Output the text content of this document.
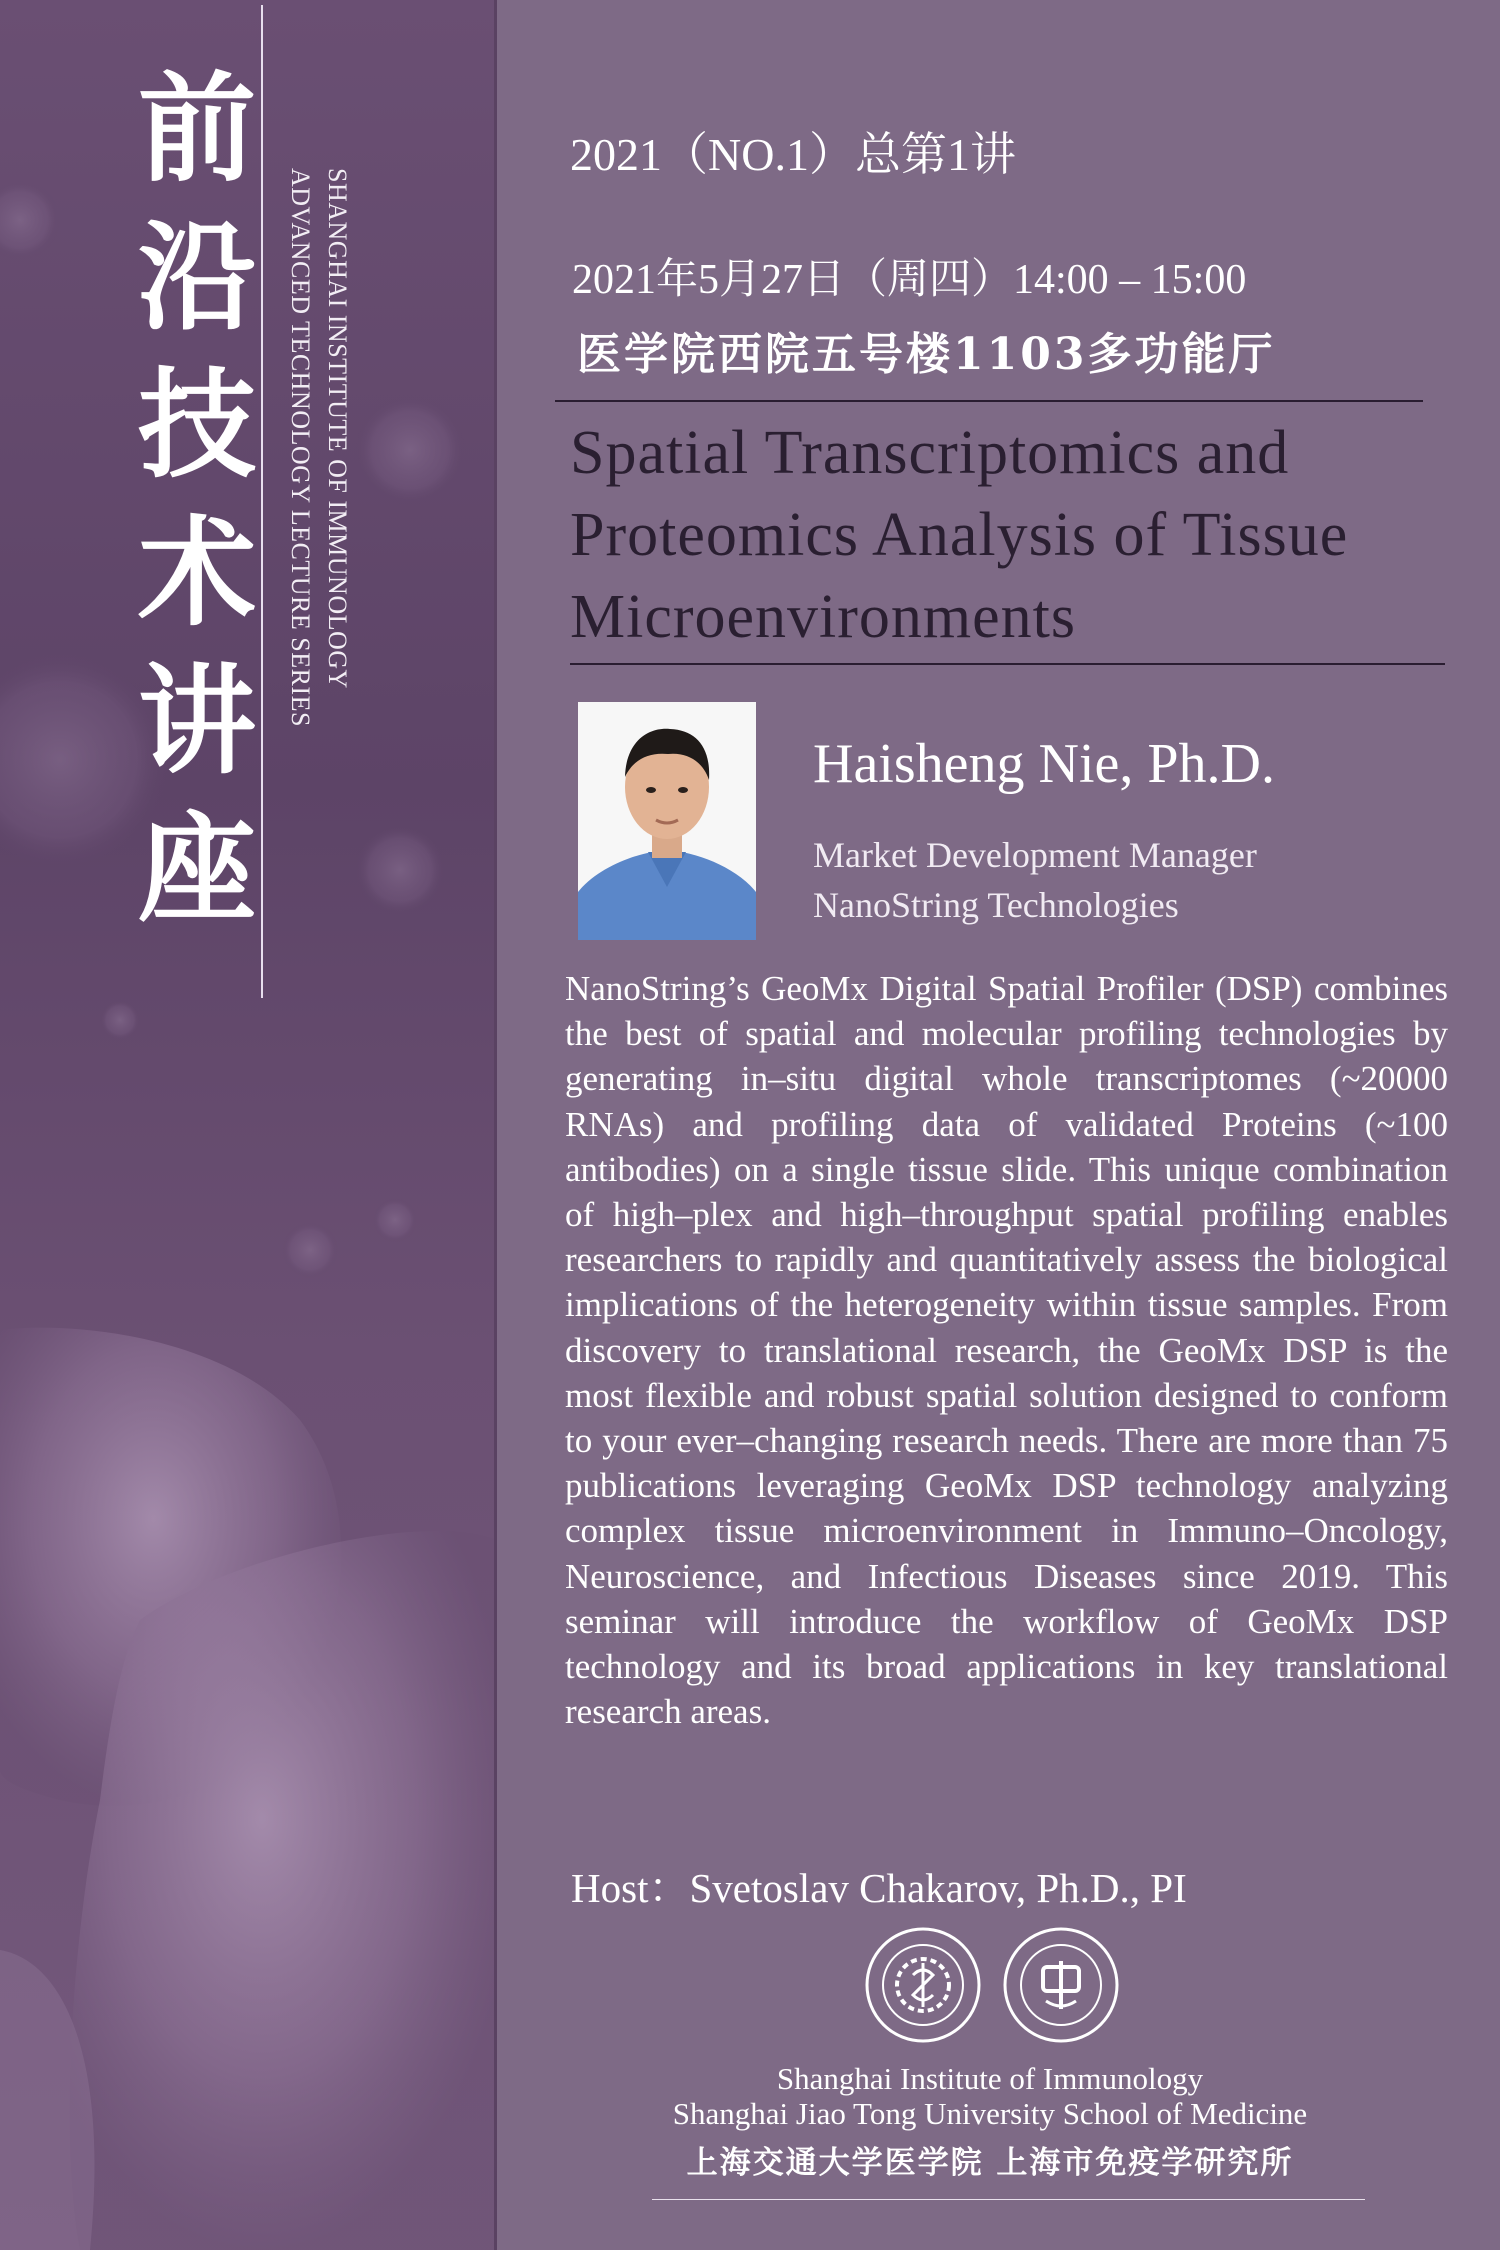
前
沿
技
术
讲
座
SHANGHAI INSTITUTE OF IMMUNOLOGY
ADVANCED TECHNOLOGY LECTURE SERIES
2021（NO.1）总第1讲
2021年5月27日（周四）14:00 – 15:00
医学院西院五号楼1103多功能厅
Spatial Transcriptomics and Proteomics Analysis of Tissue Microenvironments
Haisheng Nie, Ph.D.
Market Development Manager
NanoString Technologies
NanoString’s GeoMx Digital Spatial Profiler (DSP) combines the best of spatial and molecular profiling technologies by generating in–situ digital whole transcriptomes (~20000 RNAs) and profiling data of validated Proteins (~100 antibodies) on a single tissue slide. This unique combination of high–plex and high–throughput spatial profiling enables researchers to rapidly and quantitatively assess the biological implications of the heterogeneity within tissue samples. From discovery to translational research, the GeoMx DSP is the most flexible and robust spatial solution designed to conform to your ever–changing research needs. There are more than 75 publications leveraging GeoMx DSP technology analyzing complex tissue microenvironment in Immuno–Oncology, Neuroscience, and Infectious Diseases since 2019. This seminar will introduce the workflow of GeoMx DSP technology and its broad applications in key translational research areas.
Host：Svetoslav Chakarov, Ph.D., PI
Shanghai Institute of Immunology
Shanghai Jiao Tong University School of Medicine
上海交通大学医学院 上海市免疫学研究所
